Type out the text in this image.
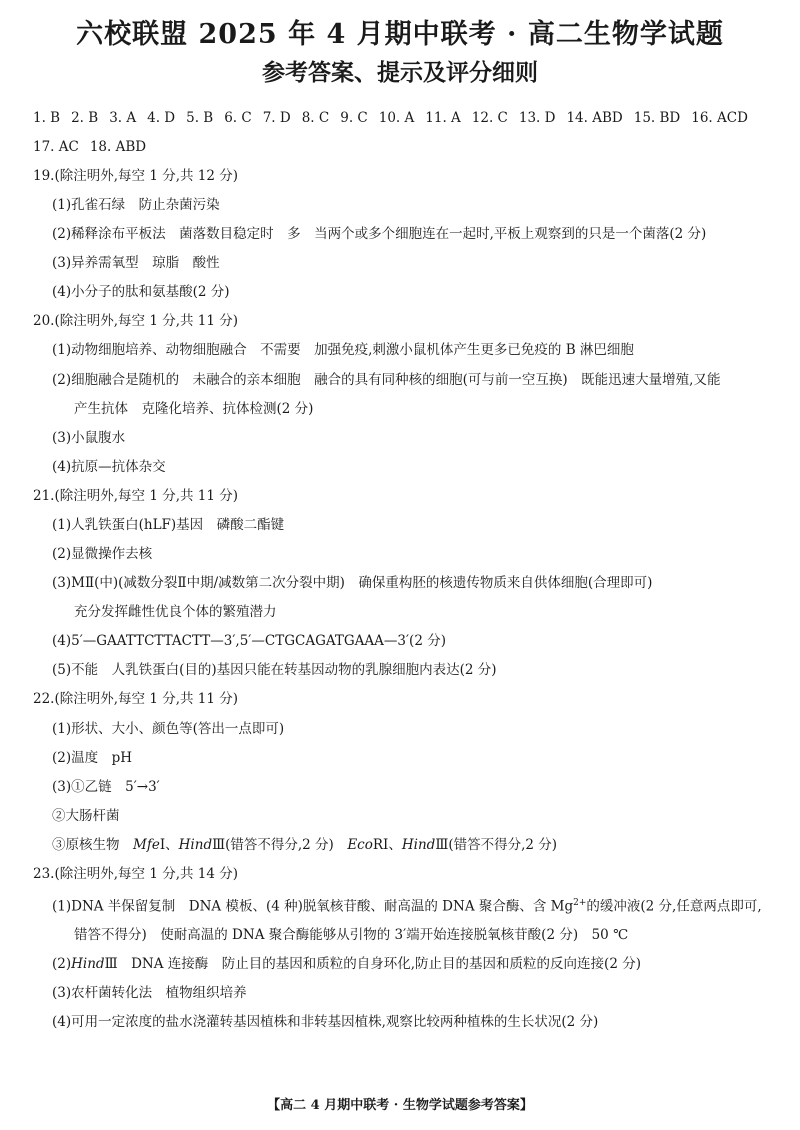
六校联盟 2025 年 4 月期中联考 · 高二生物学试题
参考答案、提示及评分细则
1. B 2. B 3. A 4. D 5. B 6. C 7. D 8. C 9. C 10. A 11. A 12. C 13. D 14. ABD 15. BD 16. ACD
17. AC 18. ABD
19.(除注明外,每空 1 分,共 12 分)
(1)孔雀石绿　防止杂菌污染
(2)稀释涂布平板法　菌落数目稳定时　多　当两个或多个细胞连在一起时,平板上观察到的只是一个菌落(2 分)
(3)异养需氧型　琼脂　酸性
(4)小分子的肽和氨基酸(2 分)
20.(除注明外,每空 1 分,共 11 分)
(1)动物细胞培养、动物细胞融合　不需要　加强免疫,刺激小鼠机体产生更多已免疫的 B 淋巴细胞
(2)细胞融合是随机的　未融合的亲本细胞　融合的具有同种核的细胞(可与前一空互换)　既能迅速大量增殖,又能
产生抗体　克隆化培养、抗体检测(2 分)
(3)小鼠腹水
(4)抗原—抗体杂交
21.(除注明外,每空 1 分,共 11 分)
(1)人乳铁蛋白(hLF)基因　磷酸二酯键
(2)显微操作去核
(3)MⅡ(中)(减数分裂Ⅱ中期/减数第二次分裂中期)　确保重构胚的核遗传物质来自供体细胞(合理即可)
充分发挥雌性优良个体的繁殖潜力
(4)5′—GAATTCTTACTT—3′,5′—CTGCAGATGAAA—3′(2 分)
(5)不能　人乳铁蛋白(目的)基因只能在转基因动物的乳腺细胞内表达(2 分)
22.(除注明外,每空 1 分,共 11 分)
(1)形状、大小、颜色等(答出一点即可)
(2)温度　pH
(3)①乙链　5′→3′
②大肠杆菌
③原核生物　MfeⅠ、HindⅢ(错答不得分,2 分)　EcoRⅠ、HindⅢ(错答不得分,2 分)
23.(除注明外,每空 1 分,共 14 分)
(1)DNA 半保留复制　DNA 模板、(4 种)脱氧核苷酸、耐高温的 DNA 聚合酶、含 $Mg^{2+}$的缓冲液(2 分,任意两点即可,
错答不得分)　使耐高温的 DNA 聚合酶能够从引物的 3′端开始连接脱氧核苷酸(2 分)　50 ℃
(2)HindⅢ　DNA 连接酶　防止目的基因和质粒的自身环化,防止目的基因和质粒的反向连接(2 分)
(3)农杆菌转化法　植物组织培养
(4)可用一定浓度的盐水浇灌转基因植株和非转基因植株,观察比较两种植株的生长状况(2 分)
【高二 4 月期中联考 · 生物学试题参考答案】
